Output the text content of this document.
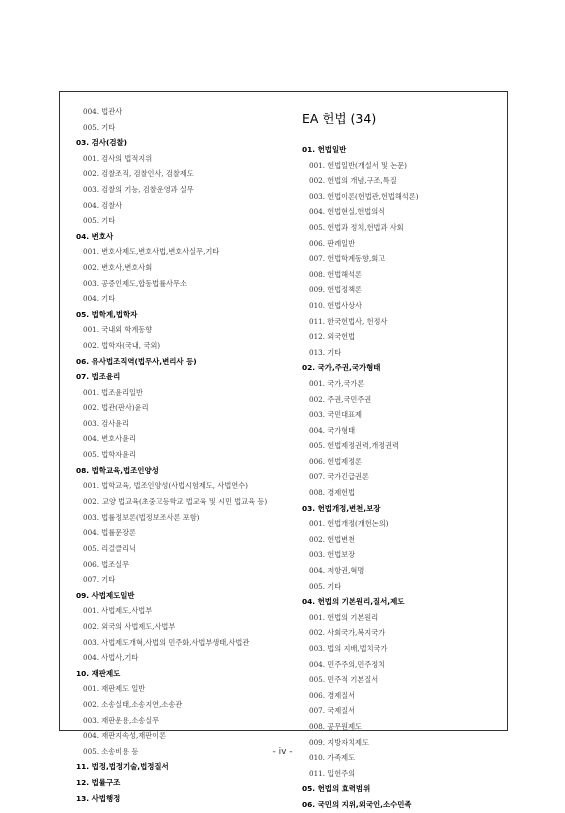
004. 법관사
005. 기타
03. 검사(검찰)
001. 검사의 법적지위
002. 검찰조직, 검찰인사, 검찰제도
003. 검찰의 기능, 검찰운영과 실무
004. 검찰사
005. 기타
04. 변호사
001. 변호사제도,변호사법,변호사실무,기타
002. 변호사,변호사회
003. 공증인제도,합동법률사무소
004. 기타
05. 법학계,법학자
001. 국내외 학계동향
002. 법학자(국내, 국외)
06. 유사법조직역(법무사,변리사 등)
07. 법조윤리
001. 법조윤리일반
002. 법관(판사)윤리
003. 검사윤리
004. 변호사윤리
005. 법학자윤리
08. 법학교육,법조인양성
001. 법학교육, 법조인양성(사법시험제도, 사법연수)
002. 교양 법교육(초중고등학교 법교육 및 시민 법교육 등)
003. 법률정보론(법정보조사론 포함)
004. 법률문장론
005. 리걸클리닉
006. 법조실무
007. 기타
09. 사법제도일반
001. 사법제도,사법부
002. 외국의 사법제도,사법부
003. 사법제도개혁,사법의 민주화,사법부생태,사법관
004. 사법사,기타
10. 재판제도
001. 재판제도 일반
002. 소송실태,소송지연,소송관
003. 재판운용,소송실무
004. 재판지속성,재판이론
005. 소송비용 등
11. 법정,법정기술,법정질서
12. 법률구조
13. 사법행정
EA 헌법 (34)
01. 헌법일반
001. 헌법일반(개설서 및 논문)
002. 헌법의 개념,구조,특질
003. 헌법이론(헌법관,헌법해석론)
004. 헌법현실,헌법의식
005. 헌법과 정치,헌법과 사회
006. 판례일반
007. 헌법학계동향,회고
008. 헌법해석론
009. 헌법정책론
010. 헌법사상사
011. 한국헌법사, 헌정사
012. 외국헌법
013. 기타
02. 국가,주권,국가형태
001. 국가,국가론
002. 주권,국민주권
003. 국민대표제
004. 국가형태
005. 헌법제정권력,개정권력
006. 헌법제정론
007. 국가긴급권론
008. 경제헌법
03. 헌법개정,변천,보장
001. 헌법개정(개헌논의)
002. 헌법변천
003. 헌법보장
004. 저항권,혁명
005. 기타
04. 헌법의 기본원리,질서,제도
001. 헌법의 기본원리
002. 사회국가,복지국가
003. 법의 지배,법치국가
004. 민주주의,민주정치
005. 민주적 기본질서
006. 경제질서
007. 국제질서
008. 공무원제도
009. 지방자치제도
010. 가족제도
011. 입헌주의
05. 헌법의 효력범위
06. 국민의 지위,외국인,소수민족
- iv -
